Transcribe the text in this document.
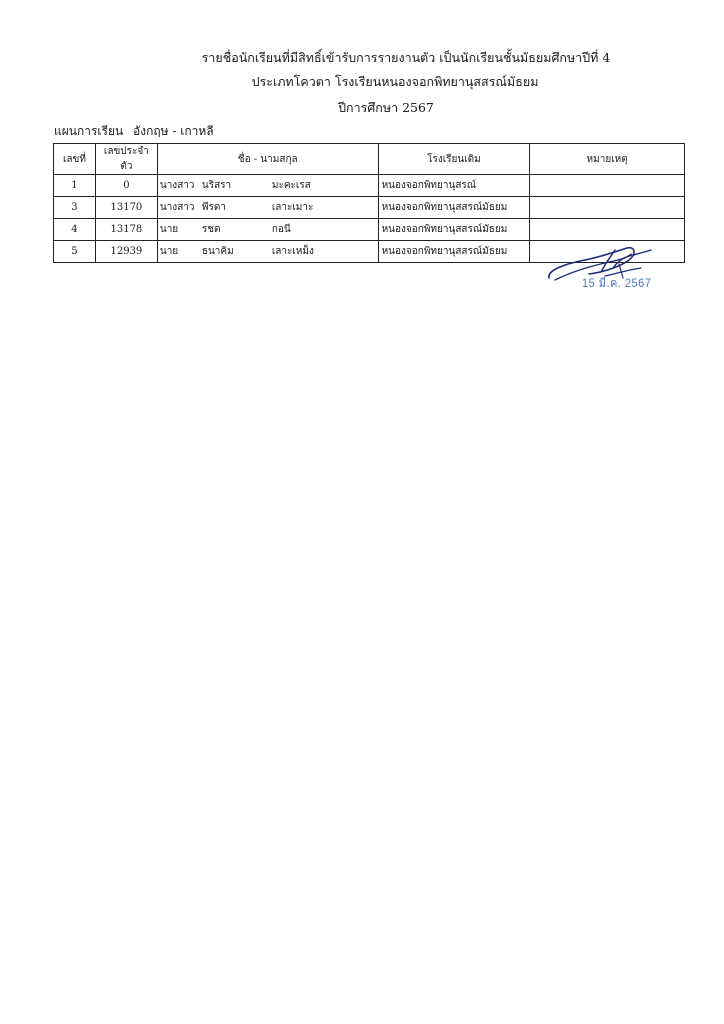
รายชื่อนักเรียนที่มีสิทธิ์เข้ารับการรายงานตัว เป็นนักเรียนชั้นมัธยมศึกษาปีที่ 4
ประเภทโควตา โรงเรียนหนองจอกพิทยานุสสรณ์มัธยม
ปีการศึกษา 2567
แผนการเรียน อังกฤษ - เกาหลี
เลขที่	เลขประจำตัว	ชื่อ - นามสกุล	โรงเรียนเดิม	หมายเหตุ
1	0	นางสาว นริสรา มะคะเรส	หนองจอกพิทยานุสรณ์	
3	13170	นางสาว พีรดา เลาะเมาะ	หนองจอกพิทยานุสสรณ์มัธยม	
4	13178	นาย รชต กอนี	หนองจอกพิทยานุสสรณ์มัธยม	
5	12939	นาย ธนาคิม เลาะเหม็ง	หนองจอกพิทยานุสสรณ์มัธยม	
15 มี.ค. 2567
